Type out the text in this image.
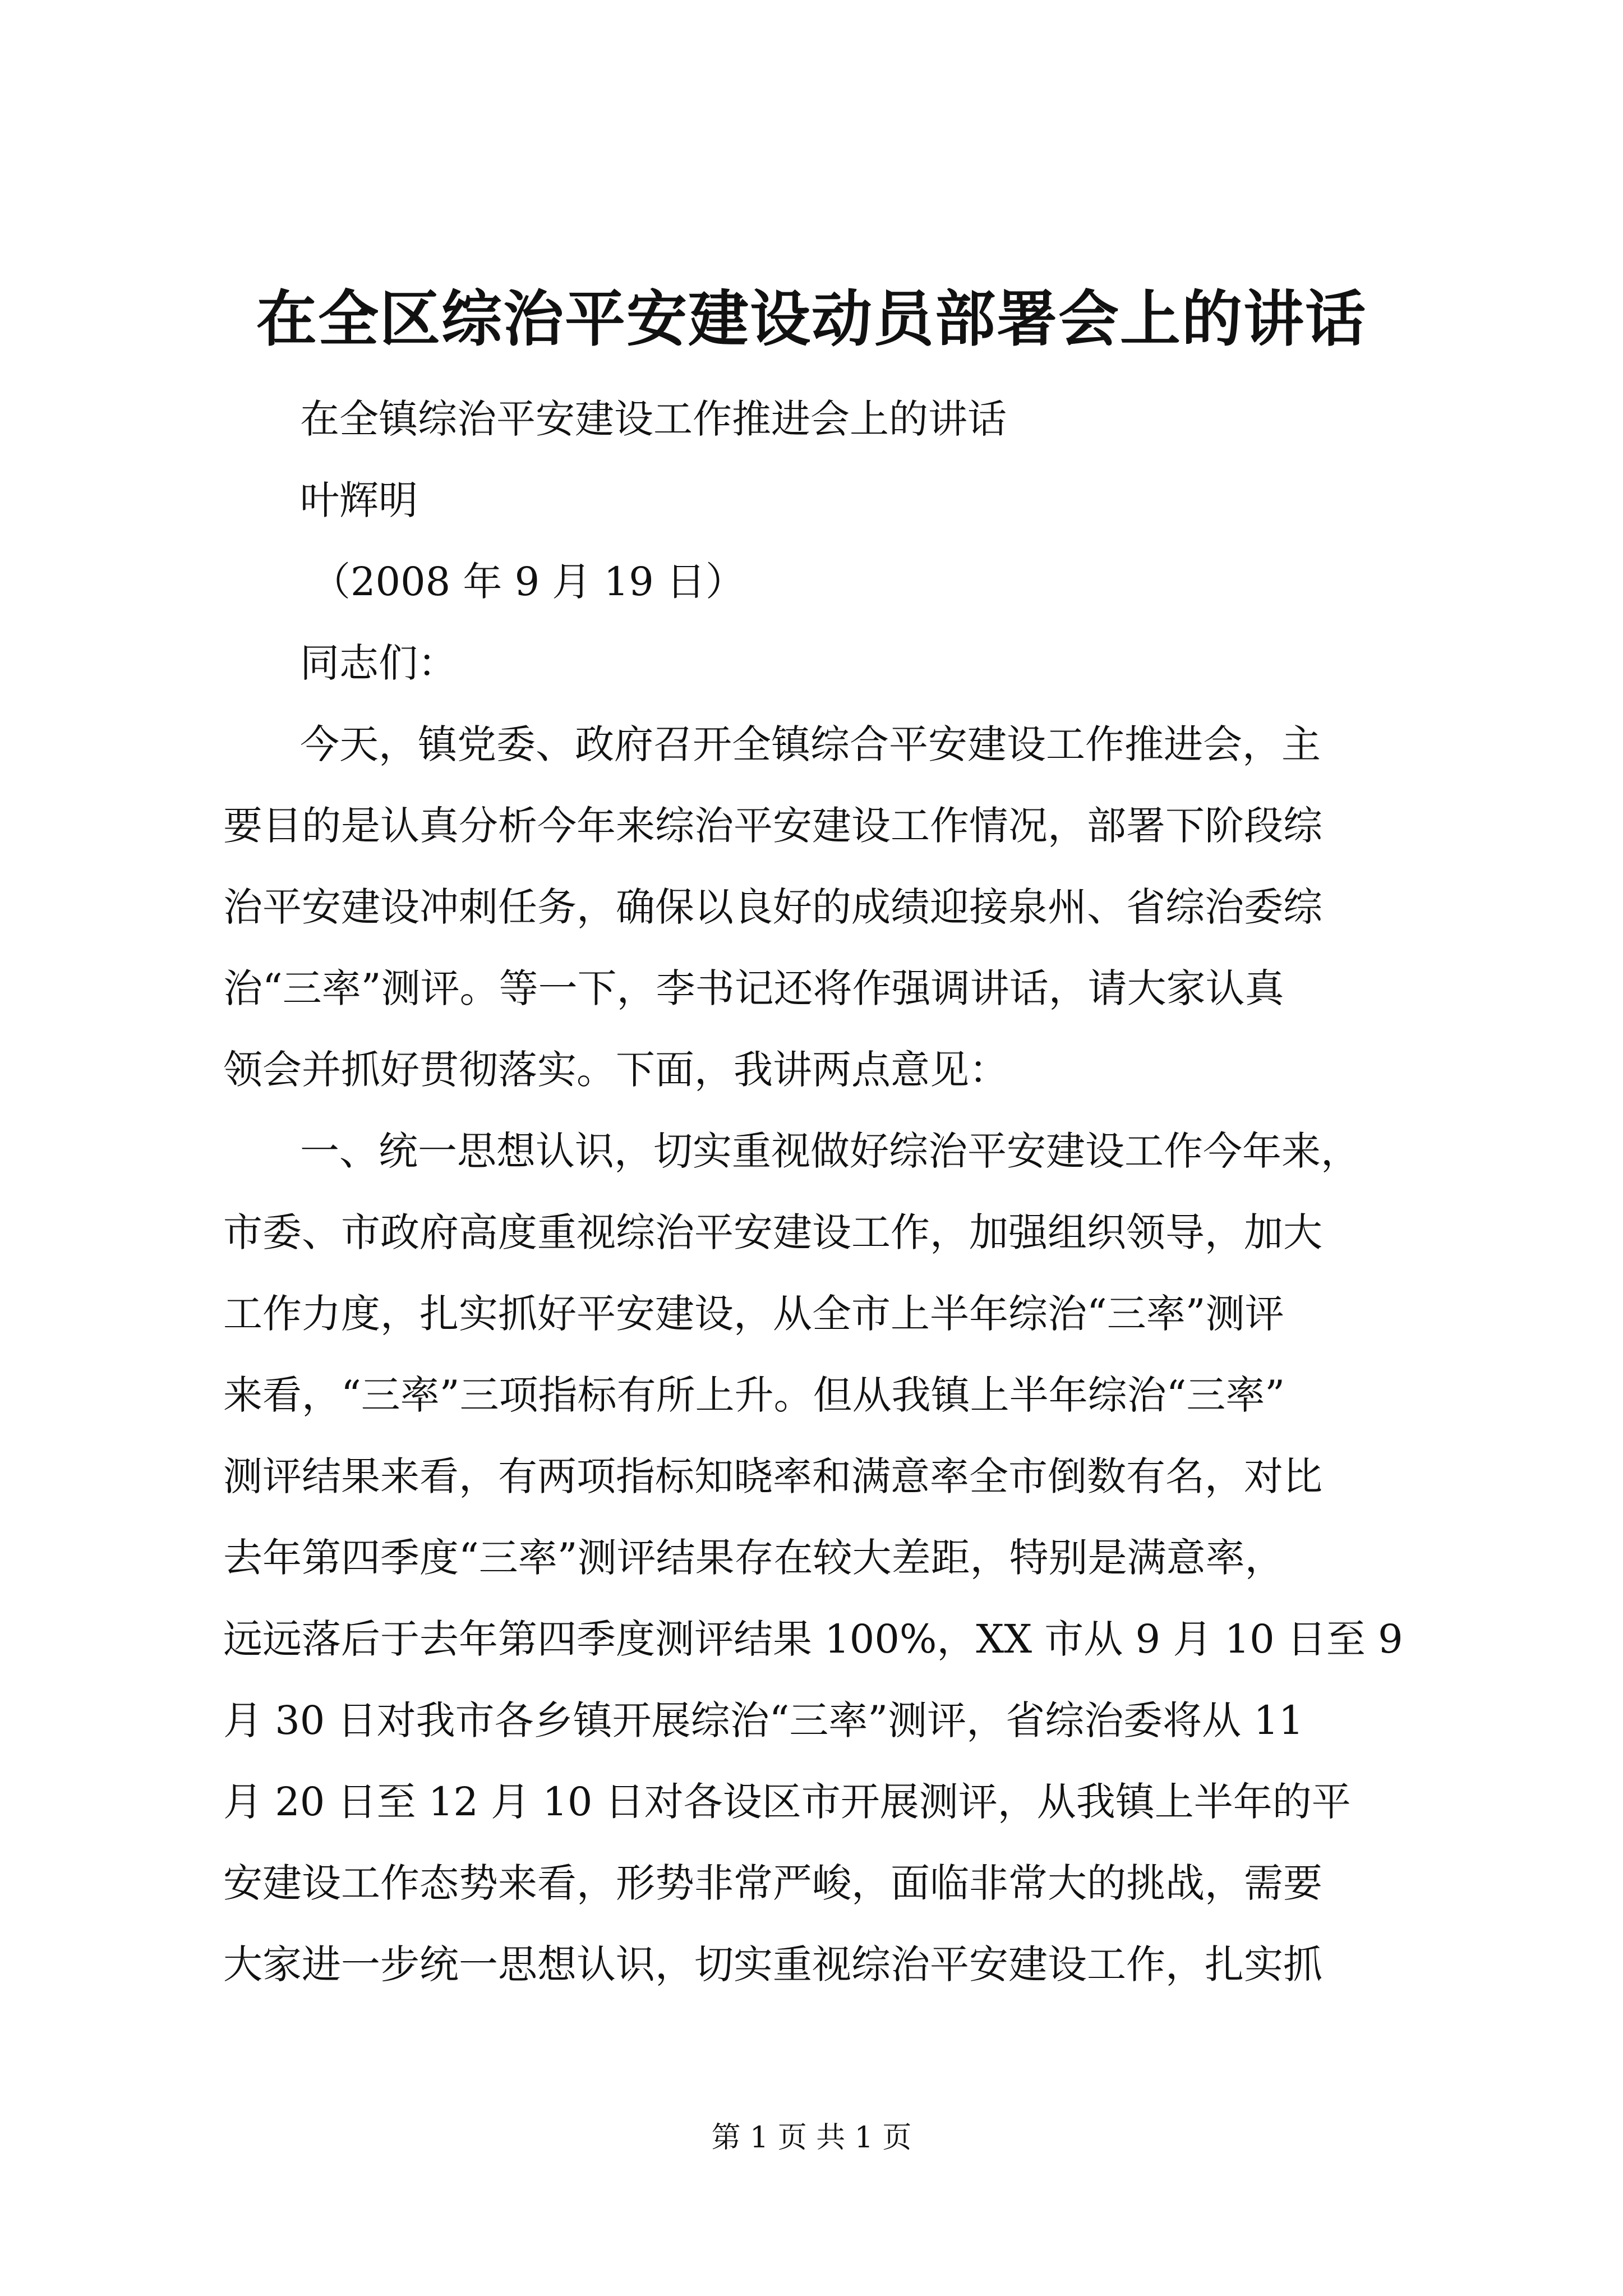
在全区综治平安建设动员部署会上的讲话
在全镇综治平安建设工作推进会上的讲话
叶辉明
（2008 年 9 月 19 日）
同志们：
今天，镇党委、政府召开全镇综合平安建设工作推进会，主
要目的是认真分析今年来综治平安建设工作情况，部署下阶段综
治平安建设冲刺任务，确保以良好的成绩迎接泉州、省综治委综
治“三率”测评。等一下，李书记还将作强调讲话，请大家认真
领会并抓好贯彻落实。下面，我讲两点意见：
一、统一思想认识，切实重视做好综治平安建设工作今年来，
市委、市政府高度重视综治平安建设工作，加强组织领导，加大
工作力度，扎实抓好平安建设，从全市上半年综治“三率”测评
来看，“三率”三项指标有所上升。但从我镇上半年综治“三率”
测评结果来看，有两项指标知晓率和满意率全市倒数有名，对比
去年第四季度“三率”测评结果存在较大差距，特别是满意率，
远远落后于去年第四季度测评结果 100%，XX 市从 9 月 10 日至 9
月 30 日对我市各乡镇开展综治“三率”测评，省综治委将从 11
月 20 日至 12 月 10 日对各设区市开展测评，从我镇上半年的平
安建设工作态势来看，形势非常严峻，面临非常大的挑战，需要
大家进一步统一思想认识，切实重视综治平安建设工作，扎实抓
第 1 页 共 1 页
